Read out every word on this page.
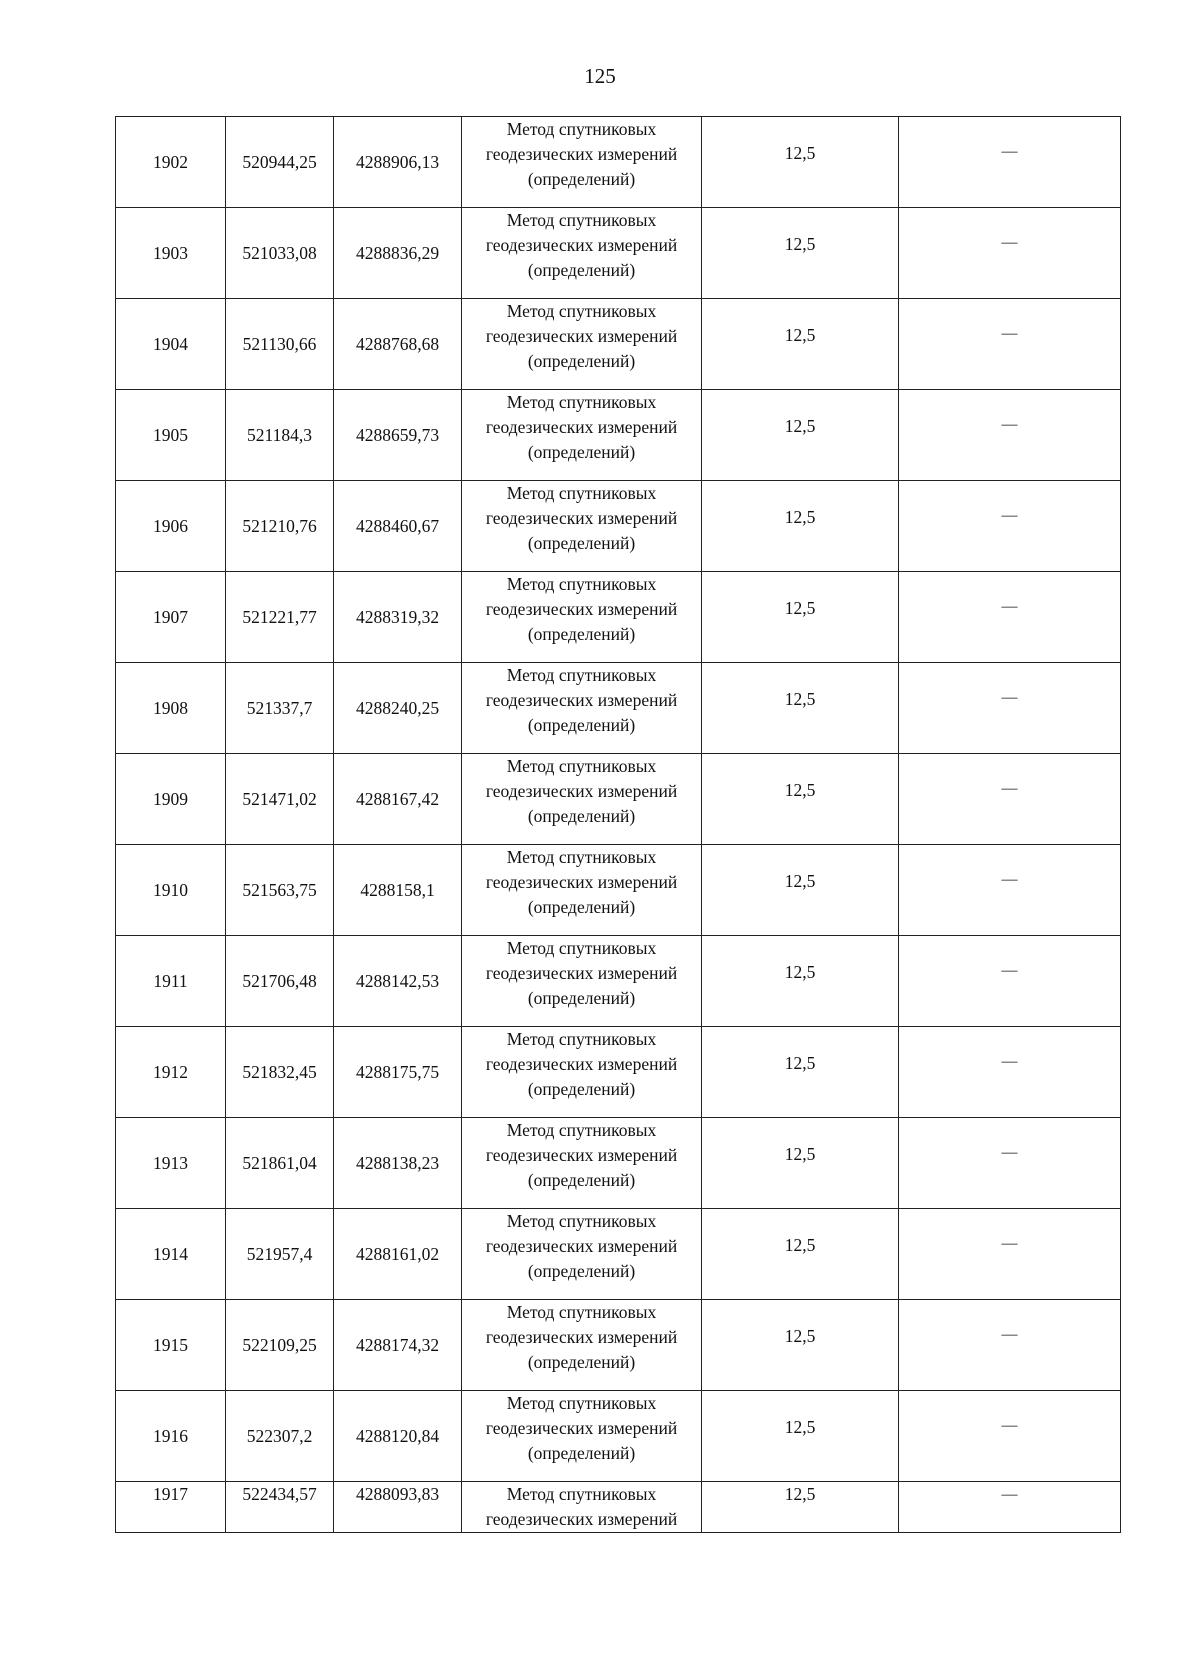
125
1902	520944,25	4288906,13	Метод спутниковых
геодезических измерений
(определений)	12,5	—

1903	521033,08	4288836,29	Метод спутниковых
геодезических измерений
(определений)	12,5	—

1904	521130,66	4288768,68	Метод спутниковых
геодезических измерений
(определений)	12,5	—

1905	521184,3	4288659,73	Метод спутниковых
геодезических измерений
(определений)	12,5	—

1906	521210,76	4288460,67	Метод спутниковых
геодезических измерений
(определений)	12,5	—

1907	521221,77	4288319,32	Метод спутниковых
геодезических измерений
(определений)	12,5	—

1908	521337,7	4288240,25	Метод спутниковых
геодезических измерений
(определений)	12,5	—

1909	521471,02	4288167,42	Метод спутниковых
геодезических измерений
(определений)	12,5	—

1910	521563,75	4288158,1	Метод спутниковых
геодезических измерений
(определений)	12,5	—

1911	521706,48	4288142,53	Метод спутниковых
геодезических измерений
(определений)	12,5	—

1912	521832,45	4288175,75	Метод спутниковых
геодезических измерений
(определений)	12,5	—

1913	521861,04	4288138,23	Метод спутниковых
геодезических измерений
(определений)	12,5	—

1914	521957,4	4288161,02	Метод спутниковых
геодезических измерений
(определений)	12,5	—

1915	522109,25	4288174,32	Метод спутниковых
геодезических измерений
(определений)	12,5	—

1916	522307,2	4288120,84	Метод спутниковых
геодезических измерений
(определений)	12,5	—

1917	522434,57	4288093,83	Метод спутниковых
геодезических измерений	12,5	—
